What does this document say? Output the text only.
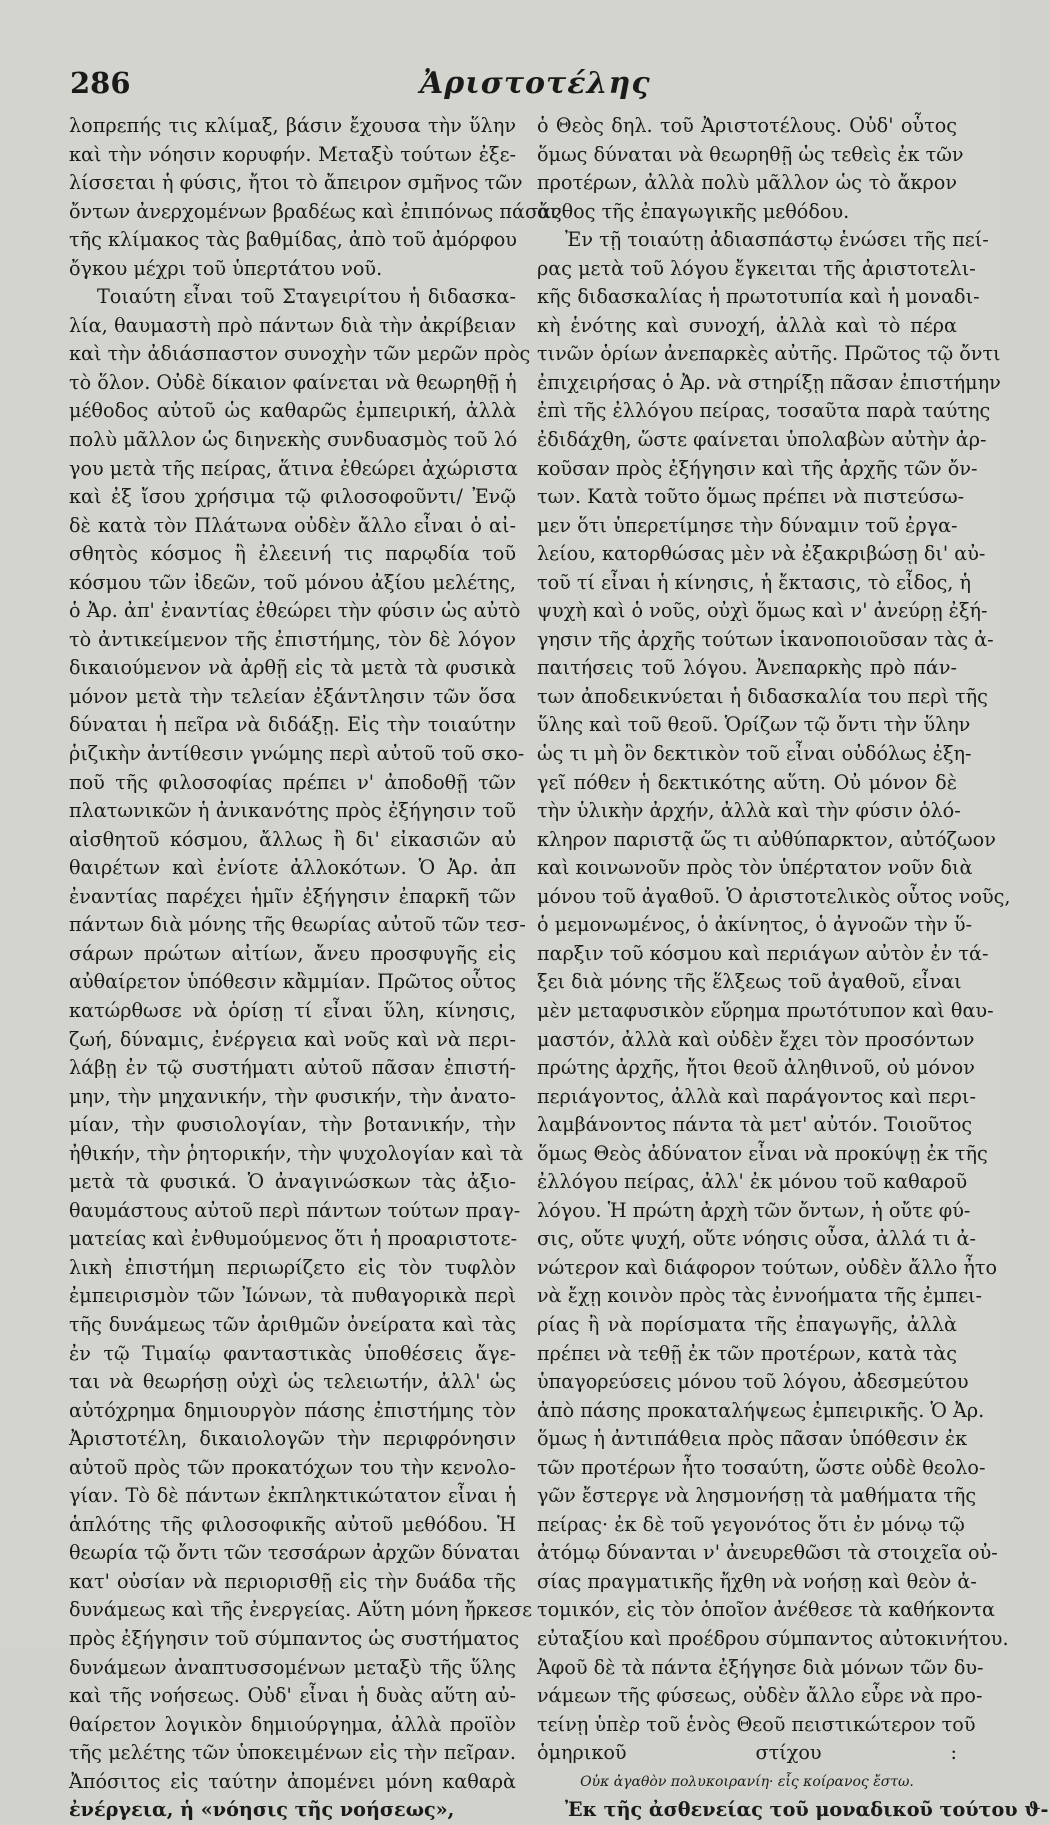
286	Ἀριστοτέλης
λοπρεπής τις κλίμαξ, βάσιν ἔχουσα τὴν ὕλην
καὶ τὴν νόησιν κορυφήν. Μεταξὺ τούτων ἐξε-
λίσσεται ἡ φύσις, ἤτοι τὸ ἄπειρον σμῆνος τῶν
ὄντων ἀνερχομένων βραδέως καὶ ἐπιπόνως πάσας
τῆς κλίμακος τὰς βαθμίδας, ἀπὸ τοῦ ἀμόρφου
ὄγκου μέχρι τοῦ ὑπερτάτου νοῦ.
Τοιαύτη εἶναι τοῦ Σταγειρίτου ἡ διδασκα-
λία, θαυμαστὴ πρὸ πάντων διὰ τὴν ἀκρίβειαν
καὶ τὴν ἀδιάσπαστον συνοχὴν τῶν μερῶν πρὸς
τὸ ὅλον. Οὐδὲ δίκαιον φαίνεται νὰ θεωρηθῇ ἡ
μέθοδος αὐτοῦ ὡς καθαρῶς ἐμπειρική, ἀλλὰ
πολὺ μᾶλλον ὡς διηνεκὴς συνδυασμὸς τοῦ λό
γου μετὰ τῆς πείρας, ἅτινα ἐθεώρει ἀχώριστα
καὶ ἐξ ἴσου χρήσιμα τῷ φιλοσοφοῦντι/ Ἐνῷ
δὲ κατὰ τὸν Πλάτωνα οὐδὲν ἄλλο εἶναι ὁ αἰ-
σθητὸς κόσμος ἢ ἐλεεινή τις παρῳδία τοῦ
κόσμου τῶν ἰδεῶν, τοῦ μόνου ἀξίου μελέτης,
ὁ Ἀρ. ἀπ' ἐναντίας ἐθεώρει τὴν φύσιν ὡς αὐτὸ
τὸ ἀντικείμενον τῆς ἐπιστήμης, τὸν δὲ λόγον
δικαιούμενον νὰ ἀρθῇ εἰς τὰ μετὰ τὰ φυσικὰ
μόνον μετὰ τὴν τελείαν ἐξάντλησιν τῶν ὅσα
δύναται ἡ πεῖρα νὰ διδάξῃ. Εἰς τὴν τοιαύτην
ῥιζικὴν ἀντίθεσιν γνώμης περὶ αὐτοῦ τοῦ σκο-
ποῦ τῆς φιλοσοφίας πρέπει ν' ἀποδοθῇ τῶν
πλατωνικῶν ἡ ἀνικανότης πρὸς ἐξήγησιν τοῦ
αἰσθητοῦ κόσμου, ἄλλως ἢ δι' εἰκασιῶν αὐ
θαιρέτων καὶ ἐνίοτε ἀλλοκότων. Ὁ Ἀρ. ἀπ
ἐναντίας παρέχει ἡμῖν ἐξήγησιν ἐπαρκῆ τῶν
πάντων διὰ μόνης τῆς θεωρίας αὐτοῦ τῶν τεσ-
σάρων πρώτων αἰτίων, ἄνευ προσφυγῆς εἰς
αὐθαίρετον ὑπόθεσιν κἂμμίαν. Πρῶτος οὗτος
κατώρθωσε νὰ ὁρίσῃ τί εἶναι ὕλη, κίνησις,
ζωή, δύναμις, ἐνέργεια καὶ νοῦς καὶ νὰ περι-
λάβῃ ἐν τῷ συστήματι αὐτοῦ πᾶσαν ἐπιστή-
μην, τὴν μηχανικήν, τὴν φυσικήν, τὴν ἀνατο-
μίαν, τὴν φυσιολογίαν, τὴν βοτανικήν, τὴν
ἠθικήν, τὴν ῥητορικήν, τὴν ψυχολογίαν καὶ τὰ
μετὰ τὰ φυσικά. Ὁ ἀναγινώσκων τὰς ἀξιο-
θαυμάστους αὐτοῦ περὶ πάντων τούτων πραγ-
ματείας καὶ ἐνθυμούμενος ὅτι ἡ προαριστοτε-
λικὴ ἐπιστήμη περιωρίζετο εἰς τὸν τυφλὸν
ἐμπειρισμὸν τῶν Ἰώνων, τὰ πυθαγορικὰ περὶ
τῆς δυνάμεως τῶν ἀριθμῶν ὀνείρατα καὶ τὰς
ἐν τῷ Τιμαίῳ φανταστικὰς ὑποθέσεις ἄγε-
ται νὰ θεωρήσῃ οὐχὶ ὡς τελειωτήν, ἀλλ' ὡς
αὐτόχρημα δημιουργὸν πάσης ἐπιστήμης τὸν
Ἀριστοτέλη, δικαιολογῶν τὴν περιφρόνησιν
αὐτοῦ πρὸς τῶν προκατόχων του τὴν κενολο-
γίαν. Τὸ δὲ πάντων ἐκπληκτικώτατον εἶναι ἡ
ἁπλότης τῆς φιλοσοφικῆς αὐτοῦ μεθόδου. Ἡ
θεωρία τῷ ὄντι τῶν τεσσάρων ἀρχῶν δύναται
κατ' οὐσίαν νὰ περιορισθῇ εἰς τὴν δυάδα τῆς
δυνάμεως καὶ τῆς ἐνεργείας. Αὕτη μόνη ἤρκεσε
πρὸς ἐξήγησιν τοῦ σύμπαντος ὡς συστήματος
δυνάμεων ἀναπτυσσομένων μεταξὺ τῆς ὕλης
καὶ τῆς νοήσεως. Οὐδ' εἶναι ἡ δυὰς αὕτη αὐ-
θαίρετον λογικὸν δημιούργημα, ἀλλὰ προϊὸν
τῆς μελέτης τῶν ὑποκειμένων εἰς τὴν πεῖραν.
Ἀπόσιτος εἰς ταύτην ἀπομένει μόνη καθαρὰ
ἐνέργεια, ἡ «νόησις τῆς νοήσεως»,
ὁ Θεὸς δηλ. τοῦ Ἀριστοτέλους. Οὐδ' οὗτος
ὅμως δύναται νὰ θεωρηθῇ ὡς τεθεὶς ἐκ τῶν
προτέρων, ἀλλὰ πολὺ μᾶλλον ὡς τὸ ἄκρον
ἄνθος τῆς ἐπαγωγικῆς μεθόδου.
Ἐν τῇ τοιαύτῃ ἀδιασπάστῳ ἑνώσει τῆς πεί-
ρας μετὰ τοῦ λόγου ἔγκειται τῆς ἀριστοτελι-
κῆς διδασκαλίας ἡ πρωτοτυπία καὶ ἡ μοναδι-
κὴ ἑνότης καὶ συνοχή, ἀλλὰ καὶ τὸ πέρα
τινῶν ὁρίων ἀνεπαρκὲς αὐτῆς. Πρῶτος τῷ ὄντι
ἐπιχειρήσας ὁ Ἀρ. νὰ στηρίξῃ πᾶσαν ἐπιστήμην
ἐπὶ τῆς ἐλλόγου πείρας, τοσαῦτα παρὰ ταύτης
ἐδιδάχθη, ὥστε φαίνεται ὑπολαβὼν αὐτὴν ἀρ-
κοῦσαν πρὸς ἐξήγησιν καὶ τῆς ἀρχῆς τῶν ὄν-
των. Κατὰ τοῦτο ὅμως πρέπει νὰ πιστεύσω-
μεν ὅτι ὑπερετίμησε τὴν δύναμιν τοῦ ἐργα-
λείου, κατορθώσας μὲν νὰ ἐξακριβώσῃ δι' αὐ-
τοῦ τί εἶναι ἡ κίνησις, ἡ ἔκτασις, τὸ εἶδος, ἡ
ψυχὴ καὶ ὁ νοῦς, οὐχὶ ὅμως καὶ ν' ἀνεύρῃ ἐξή-
γησιν τῆς ἀρχῆς τούτων ἱκανοποιοῦσαν τὰς ἀ-
παιτήσεις τοῦ λόγου. Ἀνεπαρκὴς πρὸ πάν-
των ἀποδεικνύεται ἡ διδασκαλία του περὶ τῆς
ὕλης καὶ τοῦ θεοῦ. Ὁρίζων τῷ ὄντι τὴν ὕλην
ὡς τι μὴ ὂν δεκτικὸν τοῦ εἶναι οὐδόλως ἐξη-
γεῖ πόθεν ἡ δεκτικότης αὕτη. Οὐ μόνον δὲ
τὴν ὑλικὴν ἀρχήν, ἀλλὰ καὶ τὴν φύσιν ὁλό-
κληρον παριστᾷ ὥς τι αὐθύπαρκτον, αὐτόζωον
καὶ κοινωνοῦν πρὸς τὸν ὑπέρτατον νοῦν διὰ
μόνου τοῦ ἀγαθοῦ. Ὁ ἀριστοτελικὸς οὗτος νοῦς,
ὁ μεμονωμένος, ὁ ἀκίνητος, ὁ ἀγνοῶν τὴν ὕ-
παρξιν τοῦ κόσμου καὶ περιάγων αὐτὸν ἐν τά-
ξει διὰ μόνης τῆς ἕλξεως τοῦ ἀγαθοῦ, εἶναι
μὲν μεταφυσικὸν εὕρημα πρωτότυπον καὶ θαυ-
μαστόν, ἀλλὰ καὶ οὐδὲν ἔχει τὸν προσόντων
πρώτης ἀρχῆς, ἤτοι θεοῦ ἀληθινοῦ, οὐ μόνον
περιάγοντος, ἀλλὰ καὶ παράγοντος καὶ περι-
λαμβάνοντος πάντα τὰ μετ' αὐτόν. Τοιοῦτος
ὅμως Θεὸς ἀδύνατον εἶναι νὰ προκύψῃ ἐκ τῆς
ἐλλόγου πείρας, ἀλλ' ἐκ μόνου τοῦ καθαροῦ
λόγου. Ἡ πρώτη ἀρχὴ τῶν ὄντων, ἡ οὔτε φύ-
σις, οὔτε ψυχή, οὔτε νόησις οὖσα, ἀλλά τι ἀ-
νώτερον καὶ διάφορον τούτων, οὐδὲν ἄλλο ἦτο
νὰ ἔχῃ κοινὸν πρὸς τὰς ἐννοήματα τῆς ἐμπει-
ρίας ἢ νὰ πορίσματα τῆς ἐπαγωγῆς, ἀλλὰ
πρέπει νὰ τεθῇ ἐκ τῶν προτέρων, κατὰ τὰς
ὑπαγορεύσεις μόνου τοῦ λόγου, ἀδεσμεύτου
ἀπὸ πάσης προκαταλήψεως ἐμπειρικῆς. Ὁ Ἀρ.
ὅμως ἡ ἀντιπάθεια πρὸς πᾶσαν ὑπόθεσιν ἐκ
τῶν προτέρων ἦτο τοσαύτη, ὥστε οὐδὲ θεολο-
γῶν ἔστεργε νὰ λησμονήσῃ τὰ μαθήματα τῆς
πείρας· ἐκ δὲ τοῦ γεγονότος ὅτι ἐν μόνῳ τῷ
ἀτόμῳ δύνανται ν' ἀνευρεθῶσι τὰ στοιχεῖα οὐ-
σίας πραγματικῆς ἤχθη νὰ νοήσῃ καὶ θεὸν ἀ-
τομικόν, εἰς τὸν ὁποῖον ἀνέθεσε τὰ καθήκοντα
εὐταξίου καὶ προέδρου σύμπαντος αὐτοκινήτου.
Ἀφοῦ δὲ τὰ πάντα ἐξήγησε διὰ μόνων τῶν δυ-
νάμεων τῆς φύσεως, οὐδὲν ἄλλο εὗρε νὰ προ-
τείνῃ ὑπὲρ τοῦ ἑνὸς Θεοῦ πειστικώτερον τοῦ
ὁμηρικοῦ στίχου :
Οὐκ ἀγαθὸν πολυκοιρανίη· εἷς κοίρανος ἔστω.
Ἐκ τῆς ἀσθενείας τοῦ μοναδικοῦ τούτου ϑ-
